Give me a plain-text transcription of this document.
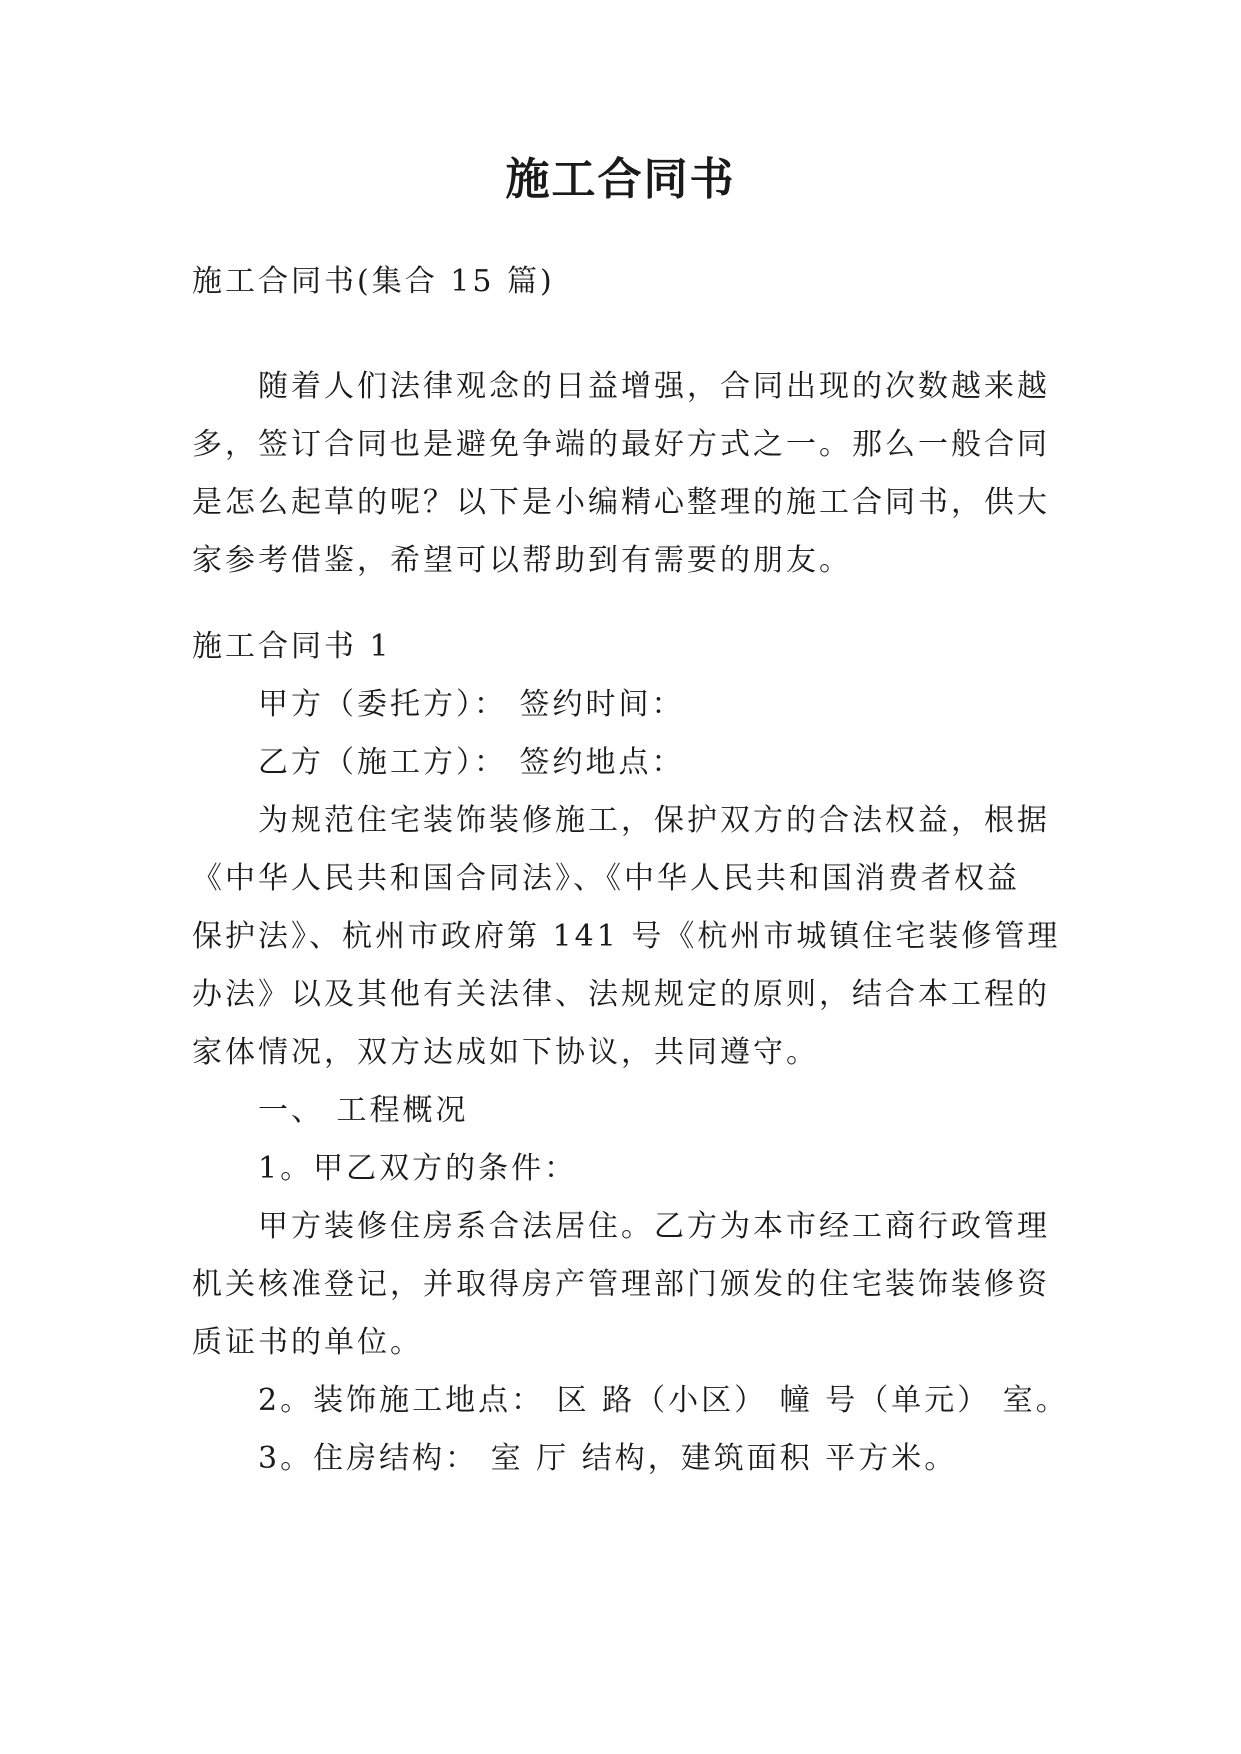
施工合同书

施工合同书(集合 15 篇)

随着人们法律观念的日益增强，合同出现的次数越来越

多，签订合同也是避免争端的最好方式之一。那么一般合同

是怎么起草的呢？以下是小编精心整理的施工合同书，供大

家参考借鉴，希望可以帮助到有需要的朋友。

施工合同书 1

甲方（委托方）： 签约时间：

乙方（施工方）： 签约地点：

为规范住宅装饰装修施工，保护双方的合法权益，根据

《中华人民共和国合同法》、《中华人民共和国消费者权益

保护法》、杭州市政府第 141 号《杭州市城镇住宅装修管理

办法》以及其他有关法律、法规规定的原则，结合本工程的

家体情况，双方达成如下协议，共同遵守。

一、 工程概况

1。甲乙双方的条件：

甲方装修住房系合法居住。乙方为本市经工商行政管理

机关核准登记，并取得房产管理部门颁发的住宅装饰装修资

质证书的单位。

2。装饰施工地点： 区 路（小区） 幢 号（单元） 室。

3。住房结构： 室 厅 结构，建筑面积 平方米。
